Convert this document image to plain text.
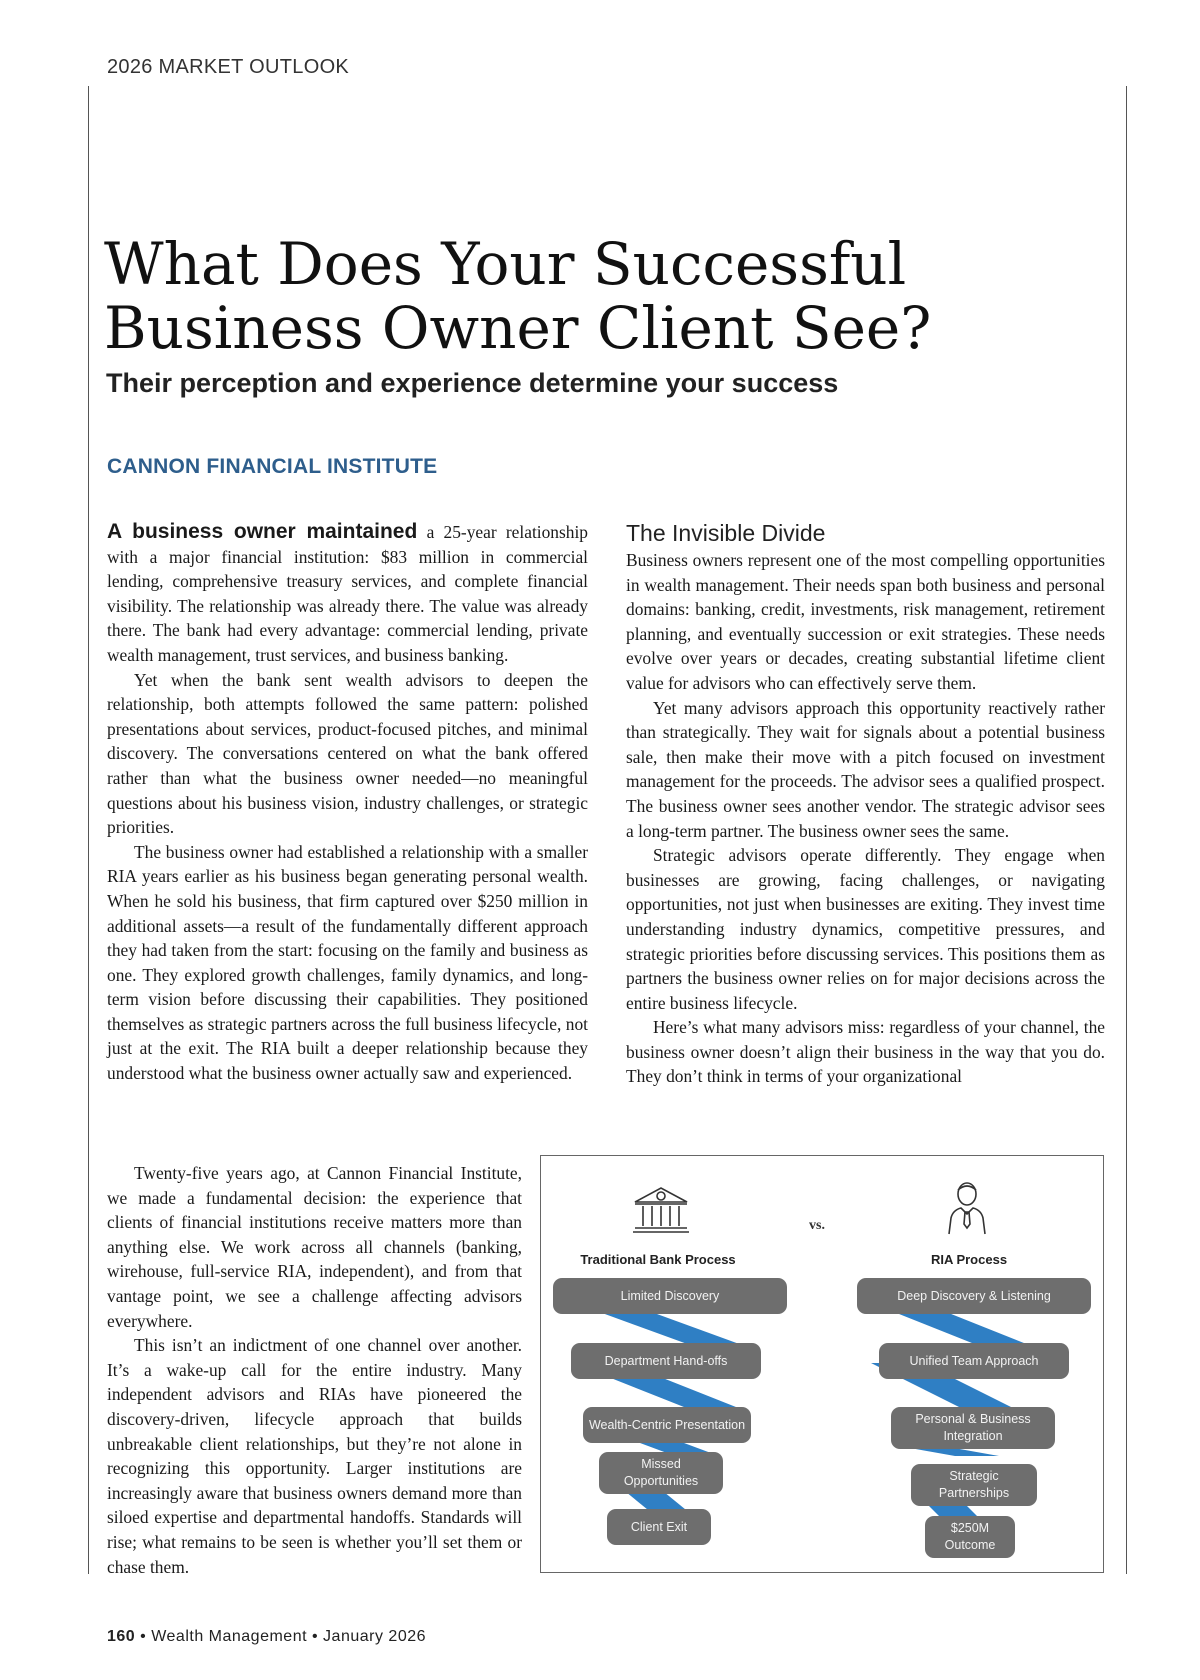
2026 MARKET OUTLOOK
What Does Your Successful Business Owner Client See?
Their perception and experience determine your success
CANNON FINANCIAL INSTITUTE

A business owner maintained a 25-year relationship with a major financial institution: $83 million in commercial lending, comprehensive treasury services, and complete financial visibility. The relationship was already there. The value was already there. The bank had every advantage: commercial lending, private wealth management, trust services, and business banking.

Yet when the bank sent wealth advisors to deepen the relationship, both attempts followed the same pattern: polished presentations about services, product-focused pitches, and minimal discovery. The conversations centered on what the bank offered rather than what the business owner needed—no meaningful questions about his business vision, industry challenges, or strategic priorities.

The business owner had established a relationship with a smaller RIA years earlier as his business began generating personal wealth. When he sold his business, that firm captured over $250 million in additional assets—a result of the fundamentally different approach they had taken from the start: focusing on the family and business as one. They explored growth challenges, family dynamics, and long-term vision before discussing their capabilities. They positioned themselves as strategic partners across the full business lifecycle, not just at the exit. The RIA built a deeper relationship because they understood what the business owner actually saw and experienced.

Twenty-five years ago, at Cannon Financial Institute, we made a fundamental decision: the experience that clients of financial institutions receive matters more than anything else. We work across all channels (banking, wirehouse, full-service RIA, independent), and from that vantage point, we see a challenge affecting advisors everywhere.

This isn’t an indictment of one channel over another. It’s a wake-up call for the entire industry. Many independent advisors and RIAs have pioneered the discovery-driven, lifecycle approach that builds unbreakable client relationships, but they’re not alone in recognizing this opportunity. Larger institutions are increasingly aware that business owners demand more than siloed expertise and departmental handoffs. Standards will rise; what remains to be seen is whether you’ll set them or chase them.

The Invisible Divide

Business owners represent one of the most compelling opportunities in wealth management. Their needs span both business and personal domains: banking, credit, investments, risk management, retirement planning, and eventually succession or exit strategies. These needs evolve over years or decades, creating substantial lifetime client value for advisors who can effectively serve them.

Yet many advisors approach this opportunity reactively rather than strategically. They wait for signals about a potential business sale, then make their move with a pitch focused on investment management for the proceeds. The advisor sees a qualified prospect. The business owner sees another vendor. The strategic advisor sees a long-term partner. The business owner sees the same.

Strategic advisors operate differently. They engage when businesses are growing, facing challenges, or navigating opportunities, not just when businesses are exiting. They invest time understanding industry dynamics, competitive pressures, and strategic priorities before discussing services. This positions them as partners the business owner relies on for major decisions across the entire business lifecycle.

Here’s what many advisors miss: regardless of your channel, the business owner doesn’t align their business in the way that you do. They don’t think in terms of your organizational

vs.
Traditional Bank Process	RIA Process
Limited Discovery
Department Hand-offs
Wealth-Centric Presentation
Missed
Opportunities
Client Exit
Deep Discovery & Listening
Unified Team Approach
Personal & Business
Integration
Strategic
Partnerships
$250M
Outcome
160 • Wealth Management • January 2026
